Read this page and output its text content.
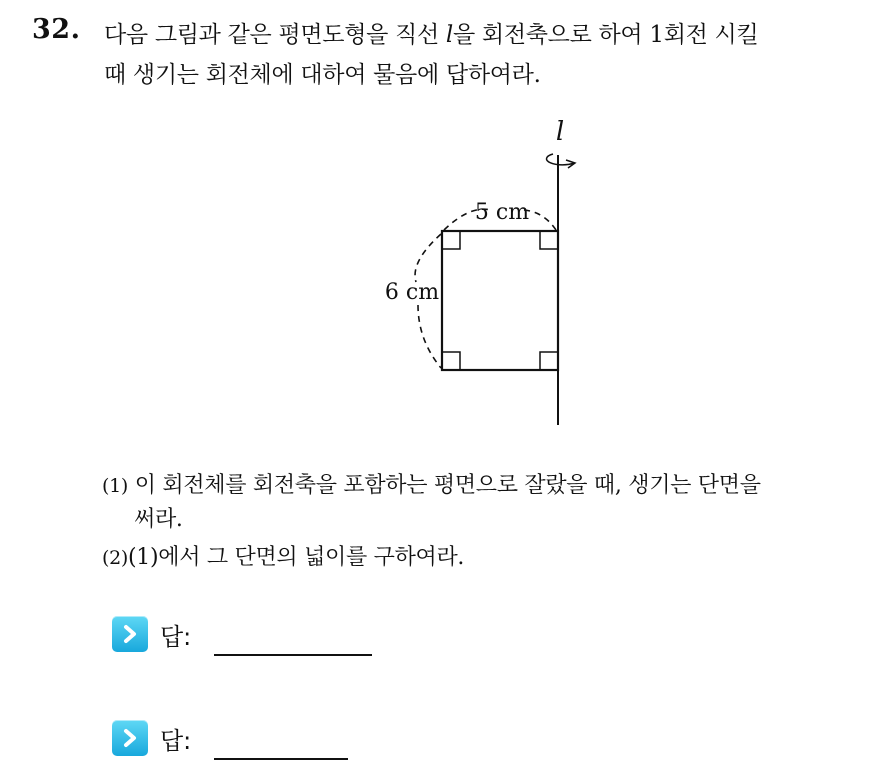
32. 다음 그림과 같은 평면도형을 직선 l을 회전축으로 하여 1회전 시킬
때 생기는 회전체에 대하여 물음에 답하여라.
l
5 cm
6 cm
(1) 이 회전체를 회전축을 포함하는 평면으로 잘랐을 때, 생기는 단면을
써라.
(2)(1)에서 그 단면의 넓이를 구하여라.
답:
답:
